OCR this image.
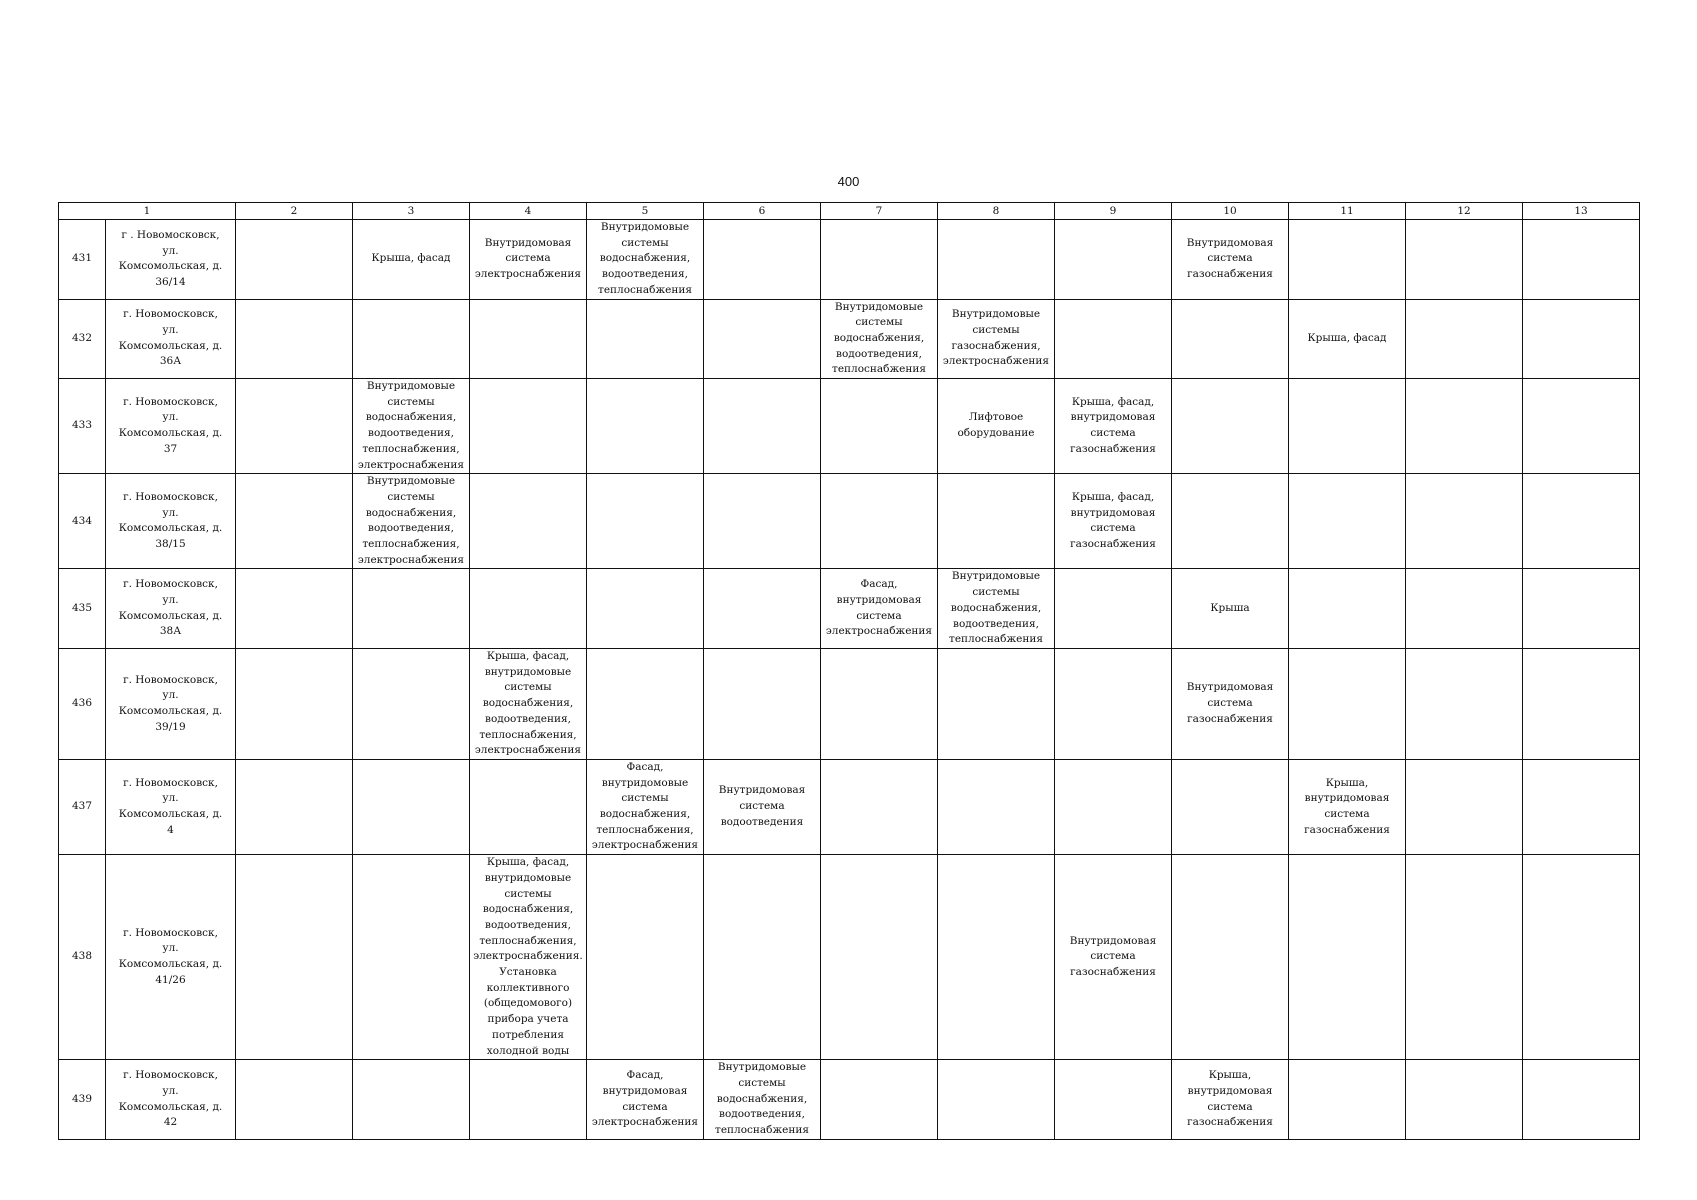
400
1		2	3	4	5	6	7	8	9	10	11	12	13
431	г . Новомосковск, ул. Комсомольская, д. 36/14		Крыша, фасад	Внутридомовая система электроснабжения	Внутридомовые системы водоснабжения, водоотведения, теплоснабжения					Внутридомовая система газоснабжения			
432	г. Новомосковск, ул. Комсомольская, д. 36А						Внутридомовые системы водоснабжения, водоотведения, теплоснабжения	Внутридомовые системы газоснабжения, электроснабжения			Крыша, фасад		
433	г. Новомосковск, ул. Комсомольская, д. 37		Внутридомовые системы водоснабжения, водоотведения, теплоснабжения, электроснабжения					Лифтовое оборудование	Крыша, фасад, внутридомовая система газоснабжения				
434	г. Новомосковск, ул. Комсомольская, д. 38/15		Внутридомовые системы водоснабжения, водоотведения, теплоснабжения, электроснабжения						Крыша, фасад, внутридомовая система газоснабжения				
435	г. Новомосковск, ул. Комсомольская, д. 38А						Фасад, внутридомовая система электроснабжения	Внутридомовые системы водоснабжения, водоотведения, теплоснабжения		Крыша			
436	г. Новомосковск, ул. Комсомольская, д. 39/19			Крыша, фасад, внутридомовые системы водоснабжения, водоотведения, теплоснабжения, электроснабжения						Внутридомовая система газоснабжения			
437	г. Новомосковск, ул. Комсомольская, д. 4				Фасад, внутридомовые системы водоснабжения, теплоснабжения, электроснабжения	Внутридомовая система водоотведения					Крыша, внутридомовая система газоснабжения		
438	г. Новомосковск, ул. Комсомольская, д. 41/26			Крыша, фасад, внутридомовые системы водоснабжения, водоотведения, теплоснабжения, электроснабжения. Установка коллективного (общедомового) прибора учета потребления холодной воды					Внутридомовая система газоснабжения				
439	г. Новомосковск, ул. Комсомольская, д. 42				Фасад, внутридомовая система электроснабжения	Внутридомовые системы водоснабжения, водоотведения, теплоснабжения				Крыша, внутридомовая система газоснабжения			
